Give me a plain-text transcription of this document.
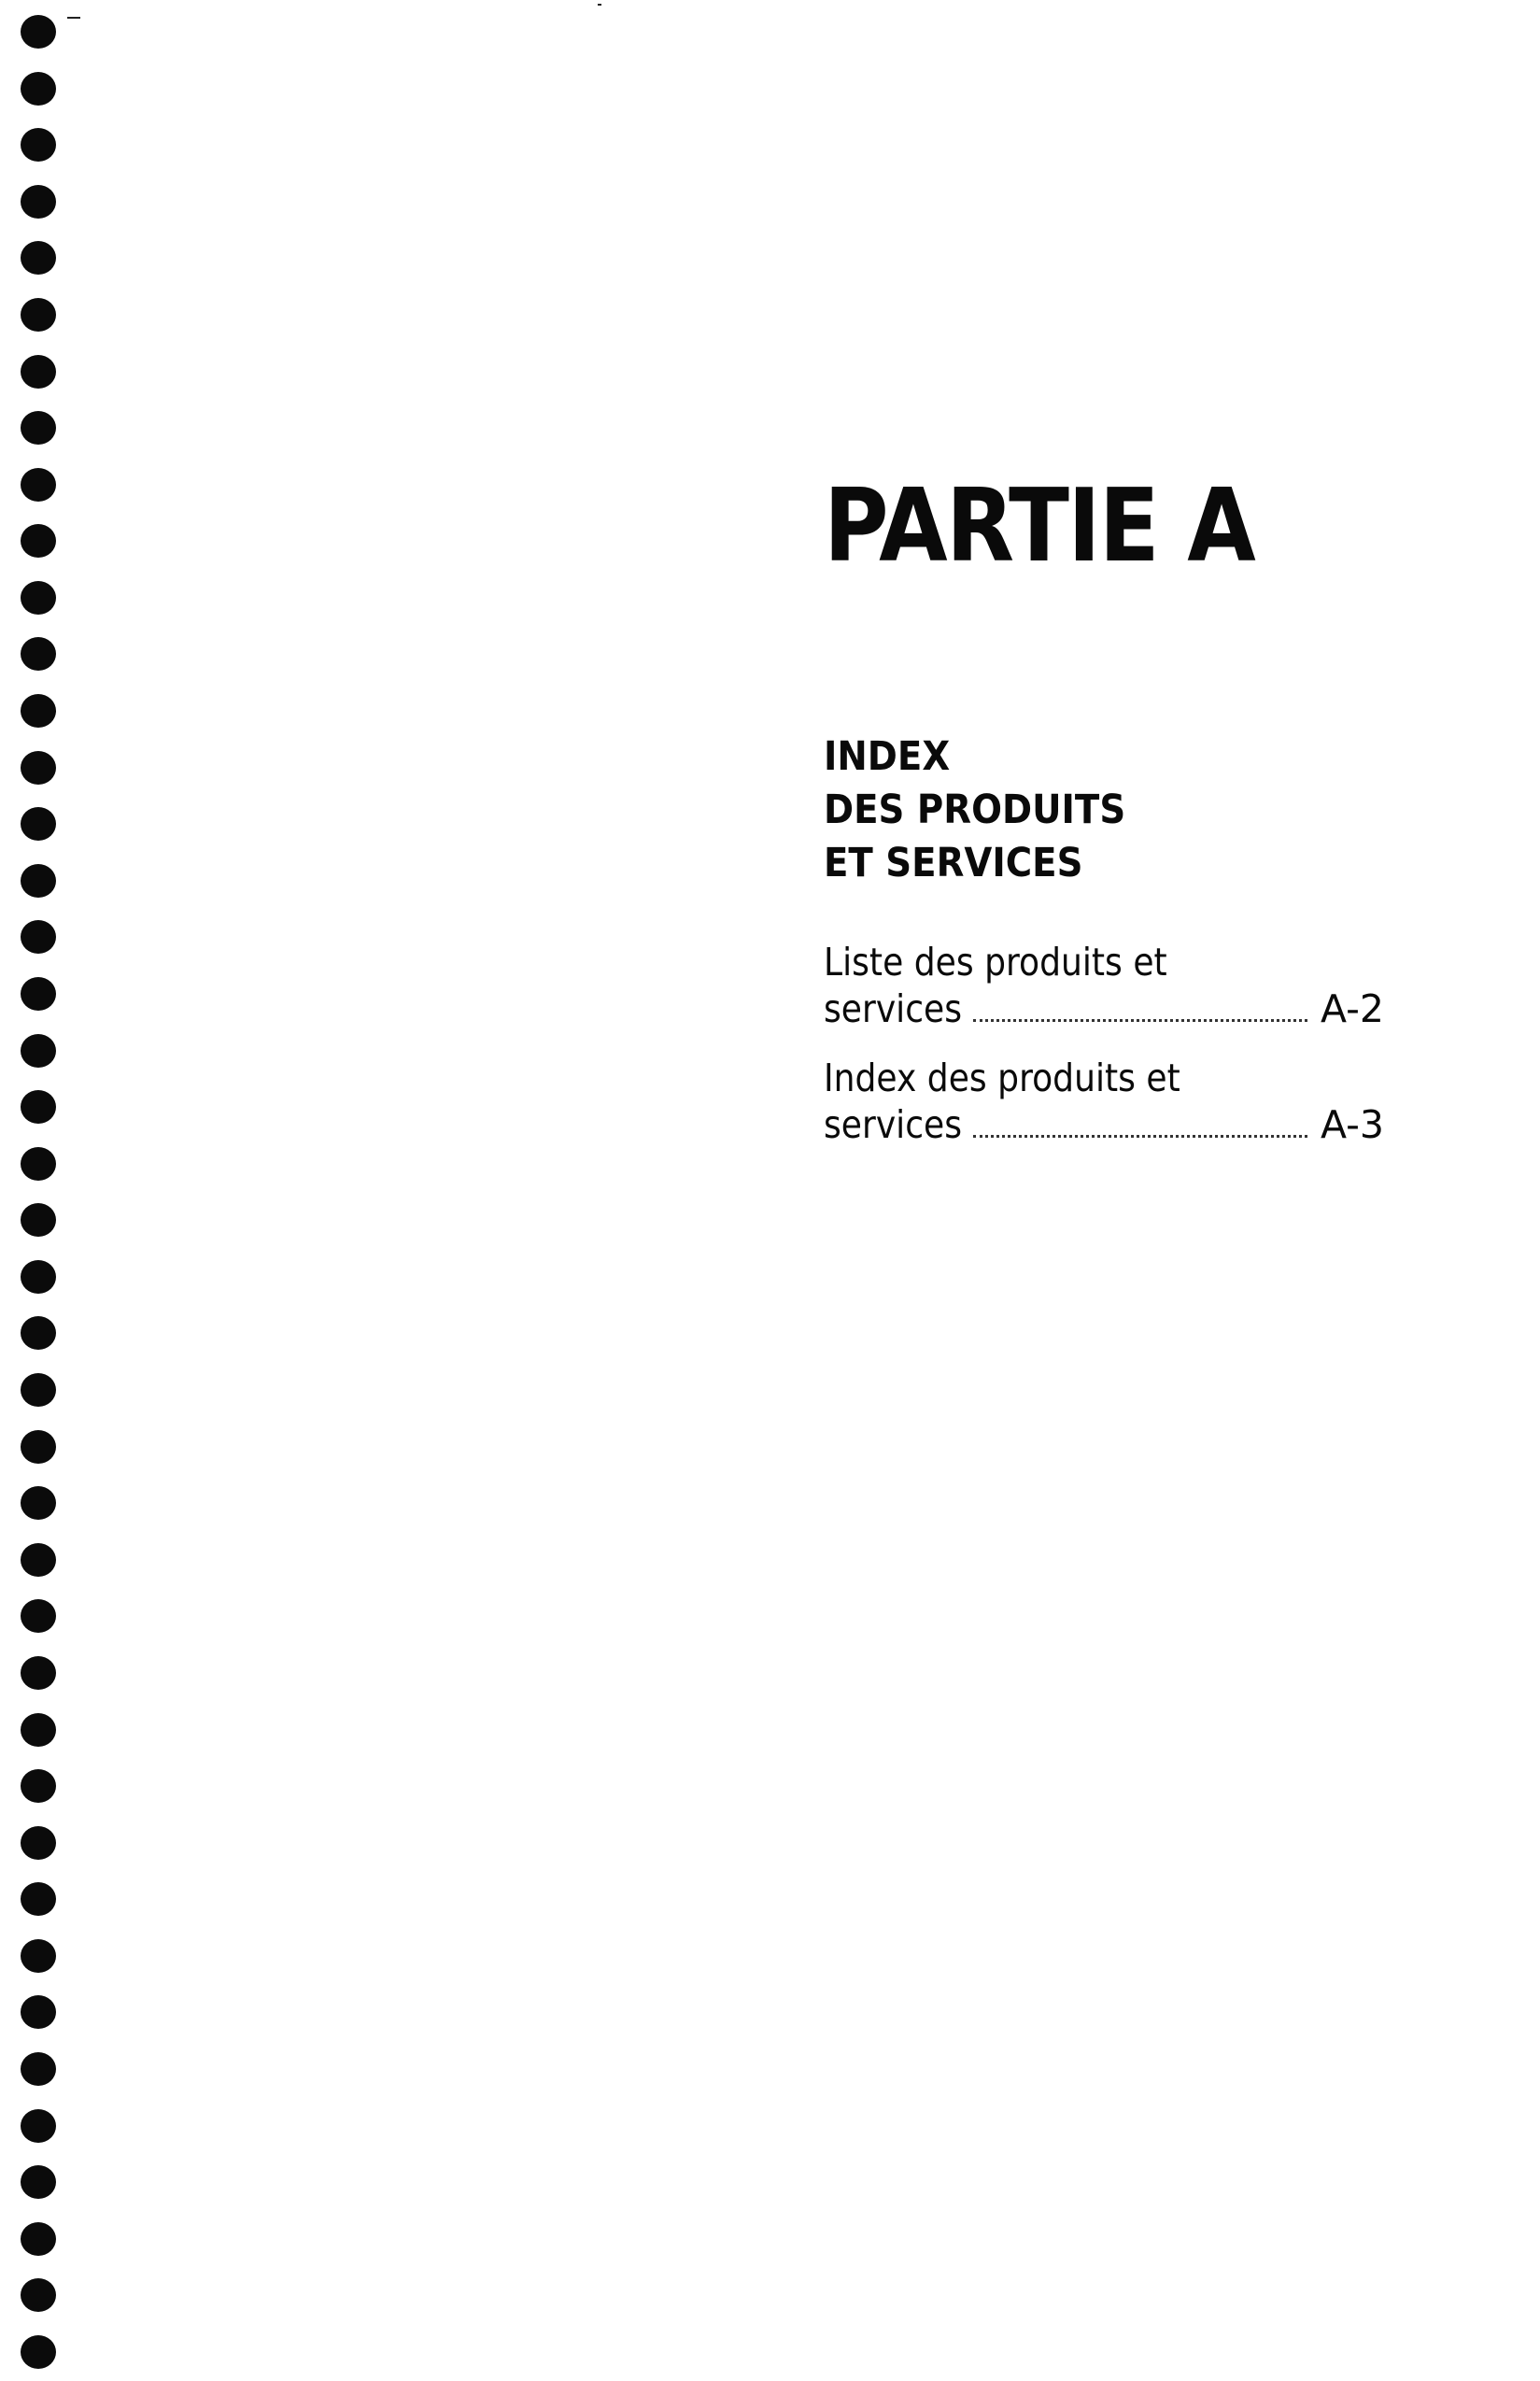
PARTIE A
INDEX
DES PRODUITS
ET SERVICES
Liste des produits et
services	A-2
Index des produits et
services	A-3
